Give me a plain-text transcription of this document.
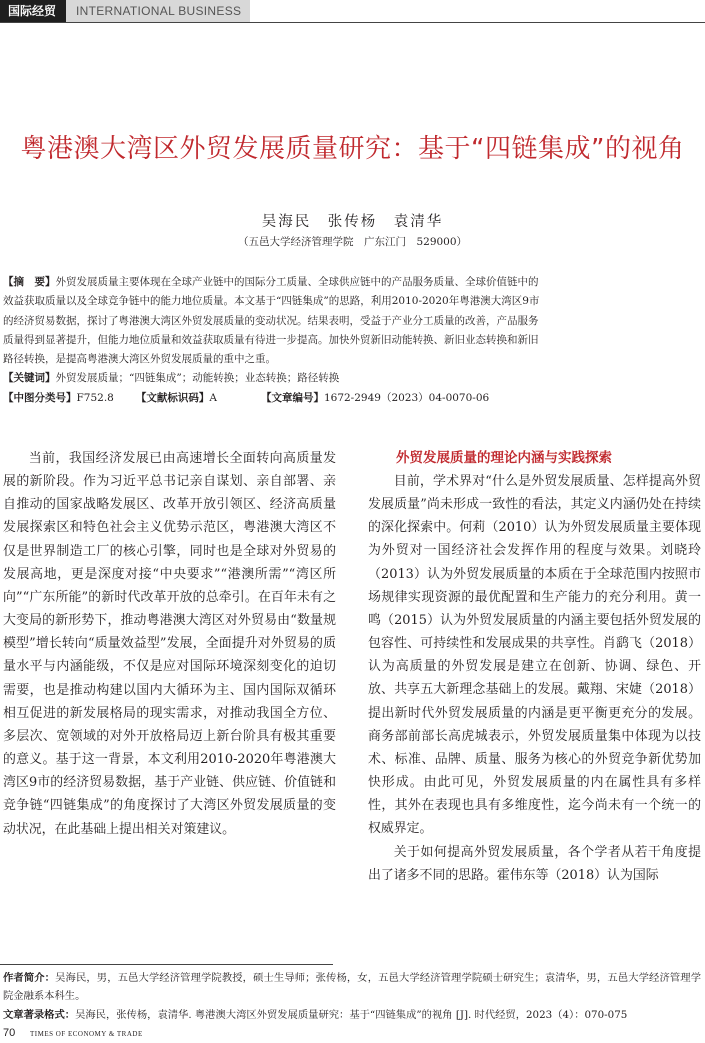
国际经贸	INTERNATIONAL BUSINESS
粤港澳大湾区外贸发展质量研究：基于“四链集成”的视角
吴海民　张传杨　袁清华
（五邑大学经济管理学院　广东江门　529000）
【摘　要】外贸发展质量主要体现在全球产业链中的国际分工质量、全球供应链中的产品服务质量、全球价值链中的
效益获取质量以及全球竞争链中的能力地位质量。本文基于“四链集成”的思路，利用2010-2020年粤港澳大湾区9市
的经济贸易数据，探讨了粤港澳大湾区外贸发展质量的变动状况。结果表明，受益于产业分工质量的改善，产品服务
质量得到显著提升，但能力地位质量和效益获取质量有待进一步提高。加快外贸新旧动能转换、新旧业态转换和新旧
路径转换，是提高粤港澳大湾区外贸发展质量的重中之重。
【关键词】外贸发展质量；“四链集成”；动能转换；业态转换；路径转换
【中图分类号】F752.8 【文献标识码】A	【文章编号】1672-2949（2023）04-0070-06

当前，我国经济发展已由高速增长全面转向高质量发展的新阶段。作为习近平总书记亲自谋划、亲自部署、亲自推动的国家战略发展区、改革开放引领区、经济高质量发展探索区和特色社会主义优势示范区，粤港澳大湾区不仅是世界制造工厂的核心引擎，同时也是全球对外贸易的发展高地，更是深度对接“中央要求”“港澳所需”“湾区所向”“广东所能”的新时代改革开放的总牵引。在百年未有之大变局的新形势下，推动粤港澳大湾区对外贸易由“数量规模型”增长转向“质量效益型”发展，全面提升对外贸易的质量水平与内涵能级，不仅是应对国际环境深刻变化的迫切需要，也是推动构建以国内大循环为主、国内国际双循环相互促进的新发展格局的现实需求，对推动我国全方位、多层次、宽领域的对外开放格局迈上新台阶具有极其重要的意义。基于这一背景，本文利用2010-2020年粤港澳大湾区9市的经济贸易数据，基于产业链、供应链、价值链和竞争链“四链集成”的角度探讨了大湾区外贸发展质量的变动状况，在此基础上提出相关对策建议。

外贸发展质量的理论内涵与实践探索

目前，学术界对“什么是外贸发展质量、怎样提高外贸发展质量”尚未形成一致性的看法，其定义内涵仍处在持续的深化探索中。何莉（2010）认为外贸发展质量主要体现为外贸对一国经济社会发挥作用的程度与效果。刘晓玲（2013）认为外贸发展质量的本质在于全球范围内按照市场规律实现资源的最优配置和生产能力的充分利用。黄一鸣（2015）认为外贸发展质量的内涵主要包括外贸发展的包容性、可持续性和发展成果的共享性。肖鹞飞（2018）认为高质量的外贸发展是建立在创新、协调、绿色、开放、共享五大新理念基础上的发展。戴翔、宋婕（2018）提出新时代外贸发展质量的内涵是更平衡更充分的发展。商务部前部长高虎城表示，外贸发展质量集中体现为以技术、标准、品牌、质量、服务为核心的外贸竞争新优势加快形成。由此可见，外贸发展质量的内在属性具有多样性，其外在表现也具有多维度性，迄今尚未有一个统一的权威界定。

关于如何提高外贸发展质量，各个学者从若干角度提出了诸多不同的思路。霍伟东等（2018）认为国际

作者简介：吴海民，男，五邑大学经济管理学院教授，硕士生导师；张传杨，女，五邑大学经济管理学院硕士研究生；袁清华，男，五邑大学经济管理学院金融系本科生。
文章著录格式：吴海民，张传杨，袁清华. 粤港澳大湾区外贸发展质量研究：基于“四链集成”的视角 [J]. 时代经贸，2023（4）：070-075
70 TIMES OF ECONOMY & TRADE
